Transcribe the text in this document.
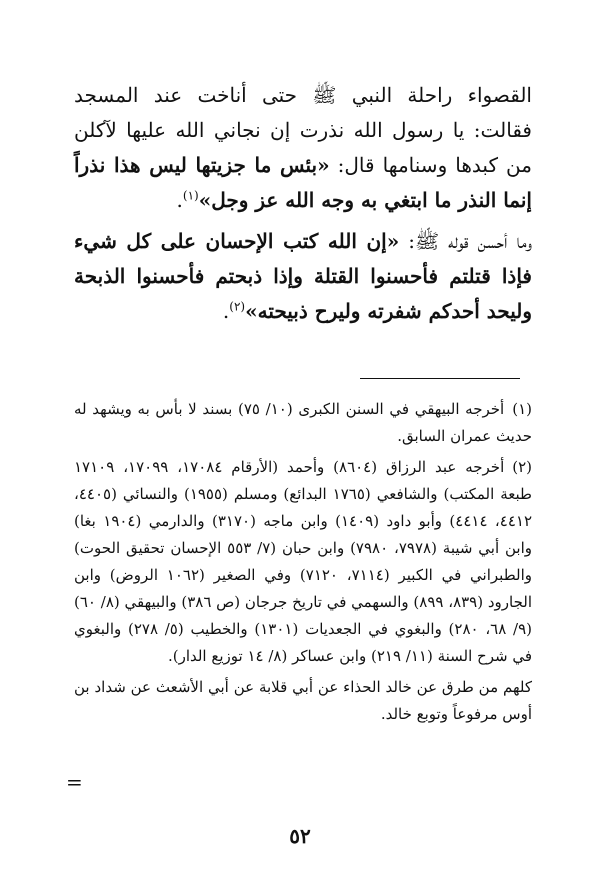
القصواء راحلة النبي ﷺ حتى أناخت عند المسجد فقالت: يا رسول الله نذرت إن نجاني الله عليها لآكلن من كبدها وسنامها قال: «بئس ما جزيتها ليس هذا نذراً إنما النذر ما ابتغي به وجه الله عز وجل»$^{(١)}$.

وما أحسن قوله ﷺ: «إن الله كتب الإحسان على كل شيء فإذا قتلتم فأحسنوا القتلة وإذا ذبحتم فأحسنوا الذبحة وليحد أحدكم شفرته وليرح ذبيحته»$^{(٢)}$.

(١)أخرجه البيهقي في السنن الكبرى (١٠/ ٧٥) بسند لا بأس به ويشهد له حديث عمران السابق.

(٢)أخرجه عبد الرزاق (٨٦٠٤) وأحمد (الأرقام ١٧٠٨٤، ١٧٠٩٩، ١٧١٠٩ طبعة المكتب) والشافعي (١٧٦٥ البدائع) ومسلم (١٩٥٥) والنسائي (٤٤٠٥، ٤٤١٢، ٤٤١٤) وأبو داود (١٤٠٩) وابن ماجه (٣١٧٠) والدارمي (١٩٠٤ بغا) وابن أبي شيبة (٧٩٧٨، ٧٩٨٠) وابن حبان (٧/ ٥٥٣ الإحسان تحقيق الحوت) والطبراني في الكبير (٧١١٤، ٧١٢٠) وفي الصغير (١٠٦٢ الروض) وابن الجارود (٨٣٩، ٨٩٩) والسهمي في تاريخ جرجان (ص ٣٨٦) والبيهقي (٨/ ٦٠) (٩/ ٦٨، ٢٨٠) والبغوي في الجعديات (١٣٠١) والخطيب (٥/ ٢٧٨) والبغوي في شرح السنة (١١/ ٢١٩) وابن عساكر (٨/ ١٤ توزيع الدار).

كلهم من طرق عن خالد الحذاء عن أبي قلابة عن أبي الأشعث عن شداد بن أوس مرفوعاً وتوبع خالد.

=
٥٢
